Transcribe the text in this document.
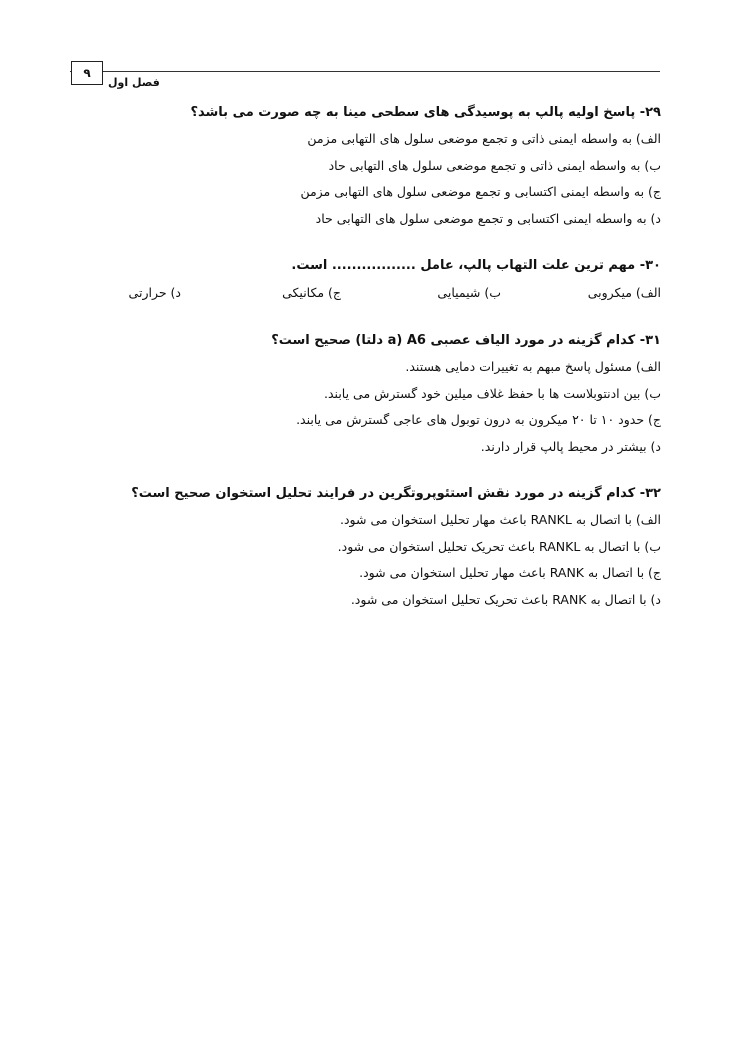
۹
فصل اول
۲۹- پاسخ اولیه پالپ به پوسیدگی های سطحی مینا به چه صورت می باشد؟
الف) به واسطه ایمنی ذاتی و تجمع موضعی سلول های التهابی مزمن
ب) به واسطه ایمنی ذاتی و تجمع موضعی سلول های التهابی حاد
ج) به واسطه ایمنی اکتسابی و تجمع موضعی سلول های التهابی مزمن
د) به واسطه ایمنی اکتسابی و تجمع موضعی سلول های التهابی حاد
۳۰- مهم ترین علت التهاب پالپ، عامل ................. است.
الف) میکروبی
ب) شیمیایی
ج) مکانیکی
د) حرارتی
۳۱- کدام گزینه در مورد الیاف عصبی A6 (a دلتا) صحیح است؟
الف) مسئول پاسخ مبهم به تغییرات دمایی هستند.
ب) بین ادنتوبلاست ها با حفظ غلاف میلین خود گسترش می یابند.
ج) حدود ۱۰ تا ۲۰ میکرون به درون توبول های عاجی گسترش می یابند.
د) بیشتر در محیط پالپ قرار دارند.
۳۲- کدام گزینه در مورد نقش استئوپروتگرین در فرایند تحلیل استخوان صحیح است؟
الف) با اتصال به RANKL باعث مهار تحلیل استخوان می شود.
ب) با اتصال به RANKL باعث تحریک تحلیل استخوان می شود.
ج) با اتصال به RANK باعث مهار تحلیل استخوان می شود.
د) با اتصال به RANK باعث تحریک تحلیل استخوان می شود.
